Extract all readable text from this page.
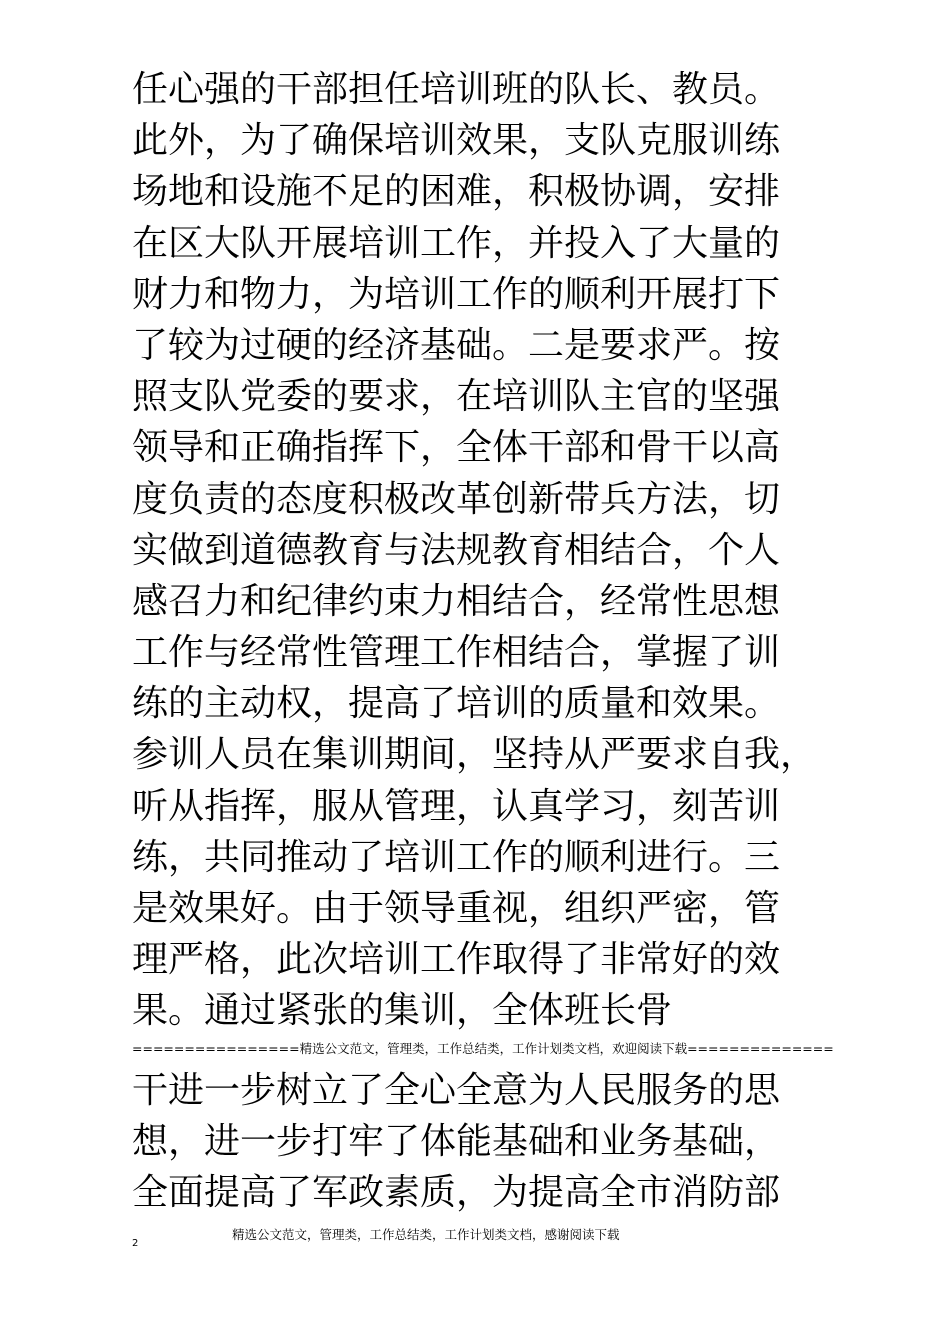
任心强的干部担任培训班的队长、教员。
此外，为了确保培训效果，支队克服训练
场地和设施不足的困难，积极协调，安排
在区大队开展培训工作，并投入了大量的
财力和物力，为培训工作的顺利开展打下
了较为过硬的经济基础。二是要求严。按
照支队党委的要求，在培训队主官的坚强
领导和正确指挥下，全体干部和骨干以高
度负责的态度积极改革创新带兵方法，切
实做到道德教育与法规教育相结合，个人
感召力和纪律约束力相结合，经常性思想
工作与经常性管理工作相结合，掌握了训
练的主动权，提高了培训的质量和效果。
参训人员在集训期间，坚持从严要求自我，
听从指挥，服从管理，认真学习，刻苦训
练，共同推动了培训工作的顺利进行。三
是效果好。由于领导重视，组织严密，管
理严格，此次培训工作取得了非常好的效
果。通过紧张的集训，全体班长骨
================精选公文范文，管理类，工作总结类，工作计划类文档，欢迎阅读下载==============
干进一步树立了全心全意为人民服务的思
想，进一步打牢了体能基础和业务基础，
全面提高了军政素质，为提高全市消防部
2
精选公文范文，管理类，工作总结类，工作计划类文档，感谢阅读下载
